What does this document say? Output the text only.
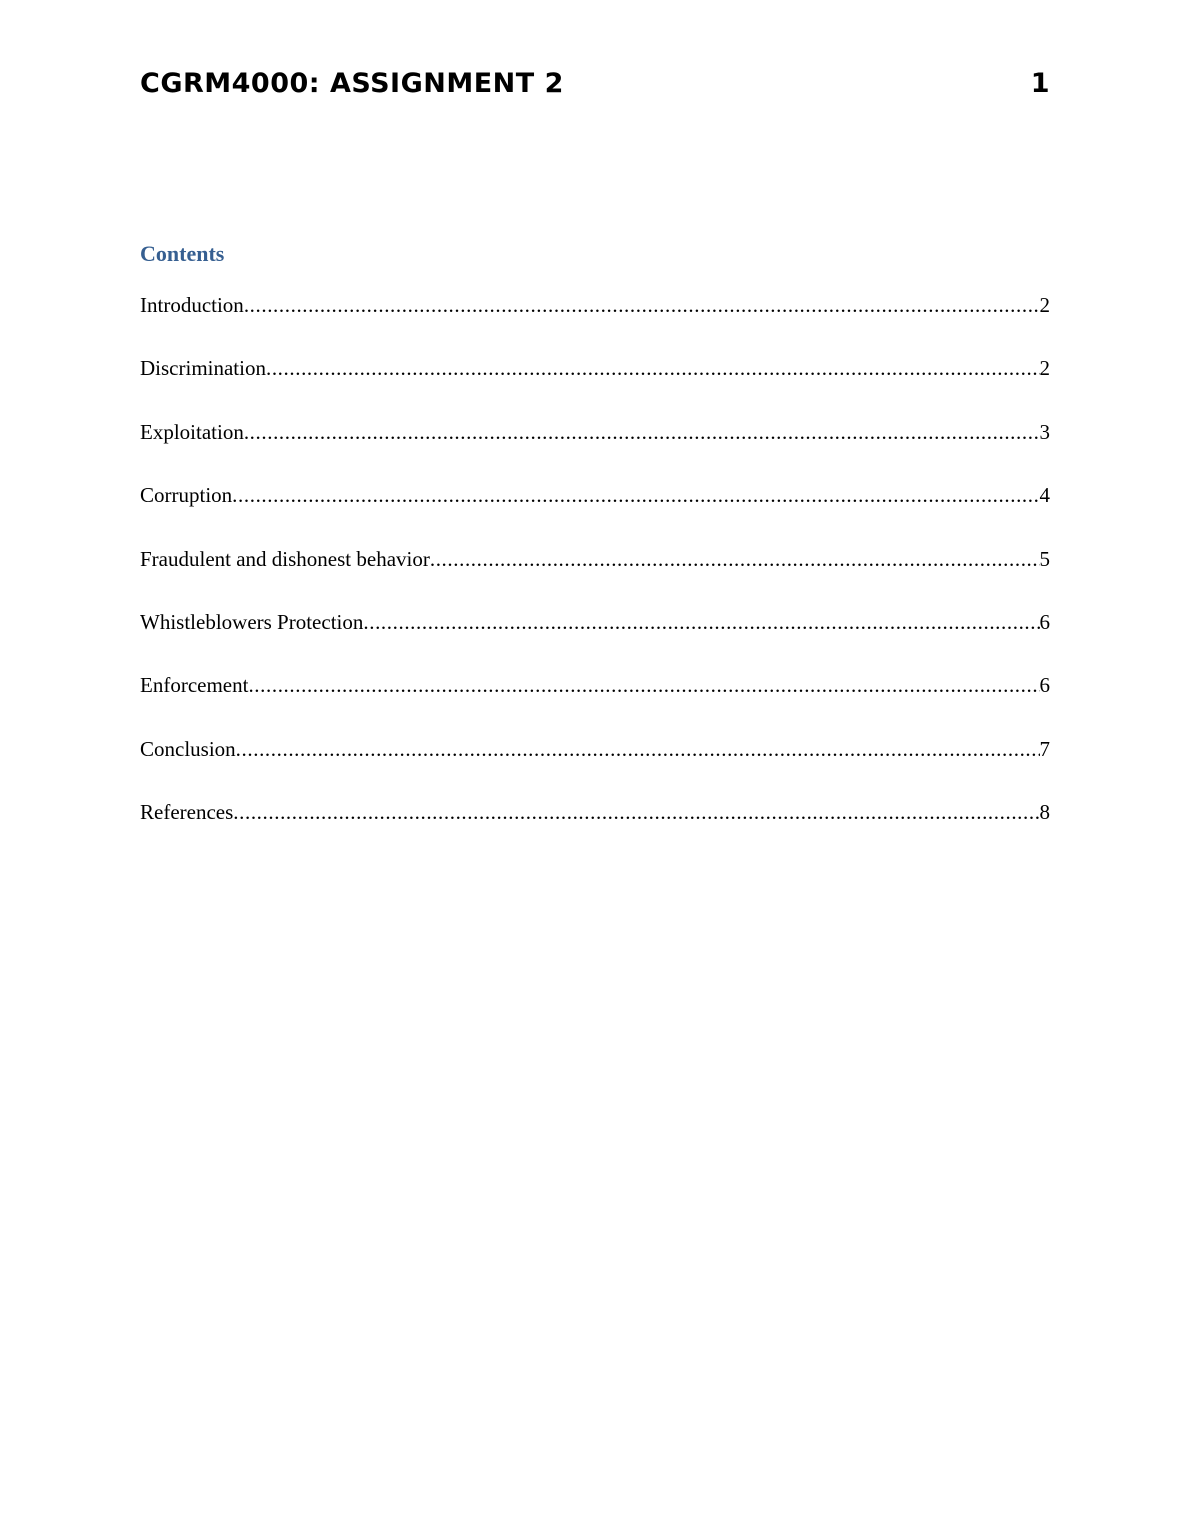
CGRM4000: ASSIGNMENT 2	1
Contents
Introduction .....	2
Discrimination .....	2
Exploitation .....	3
Corruption .....	4
Fraudulent and dishonest behavior .....	5
Whistleblowers Protection .....	6
Enforcement .....	6
Conclusion .....	7
References .....	8
